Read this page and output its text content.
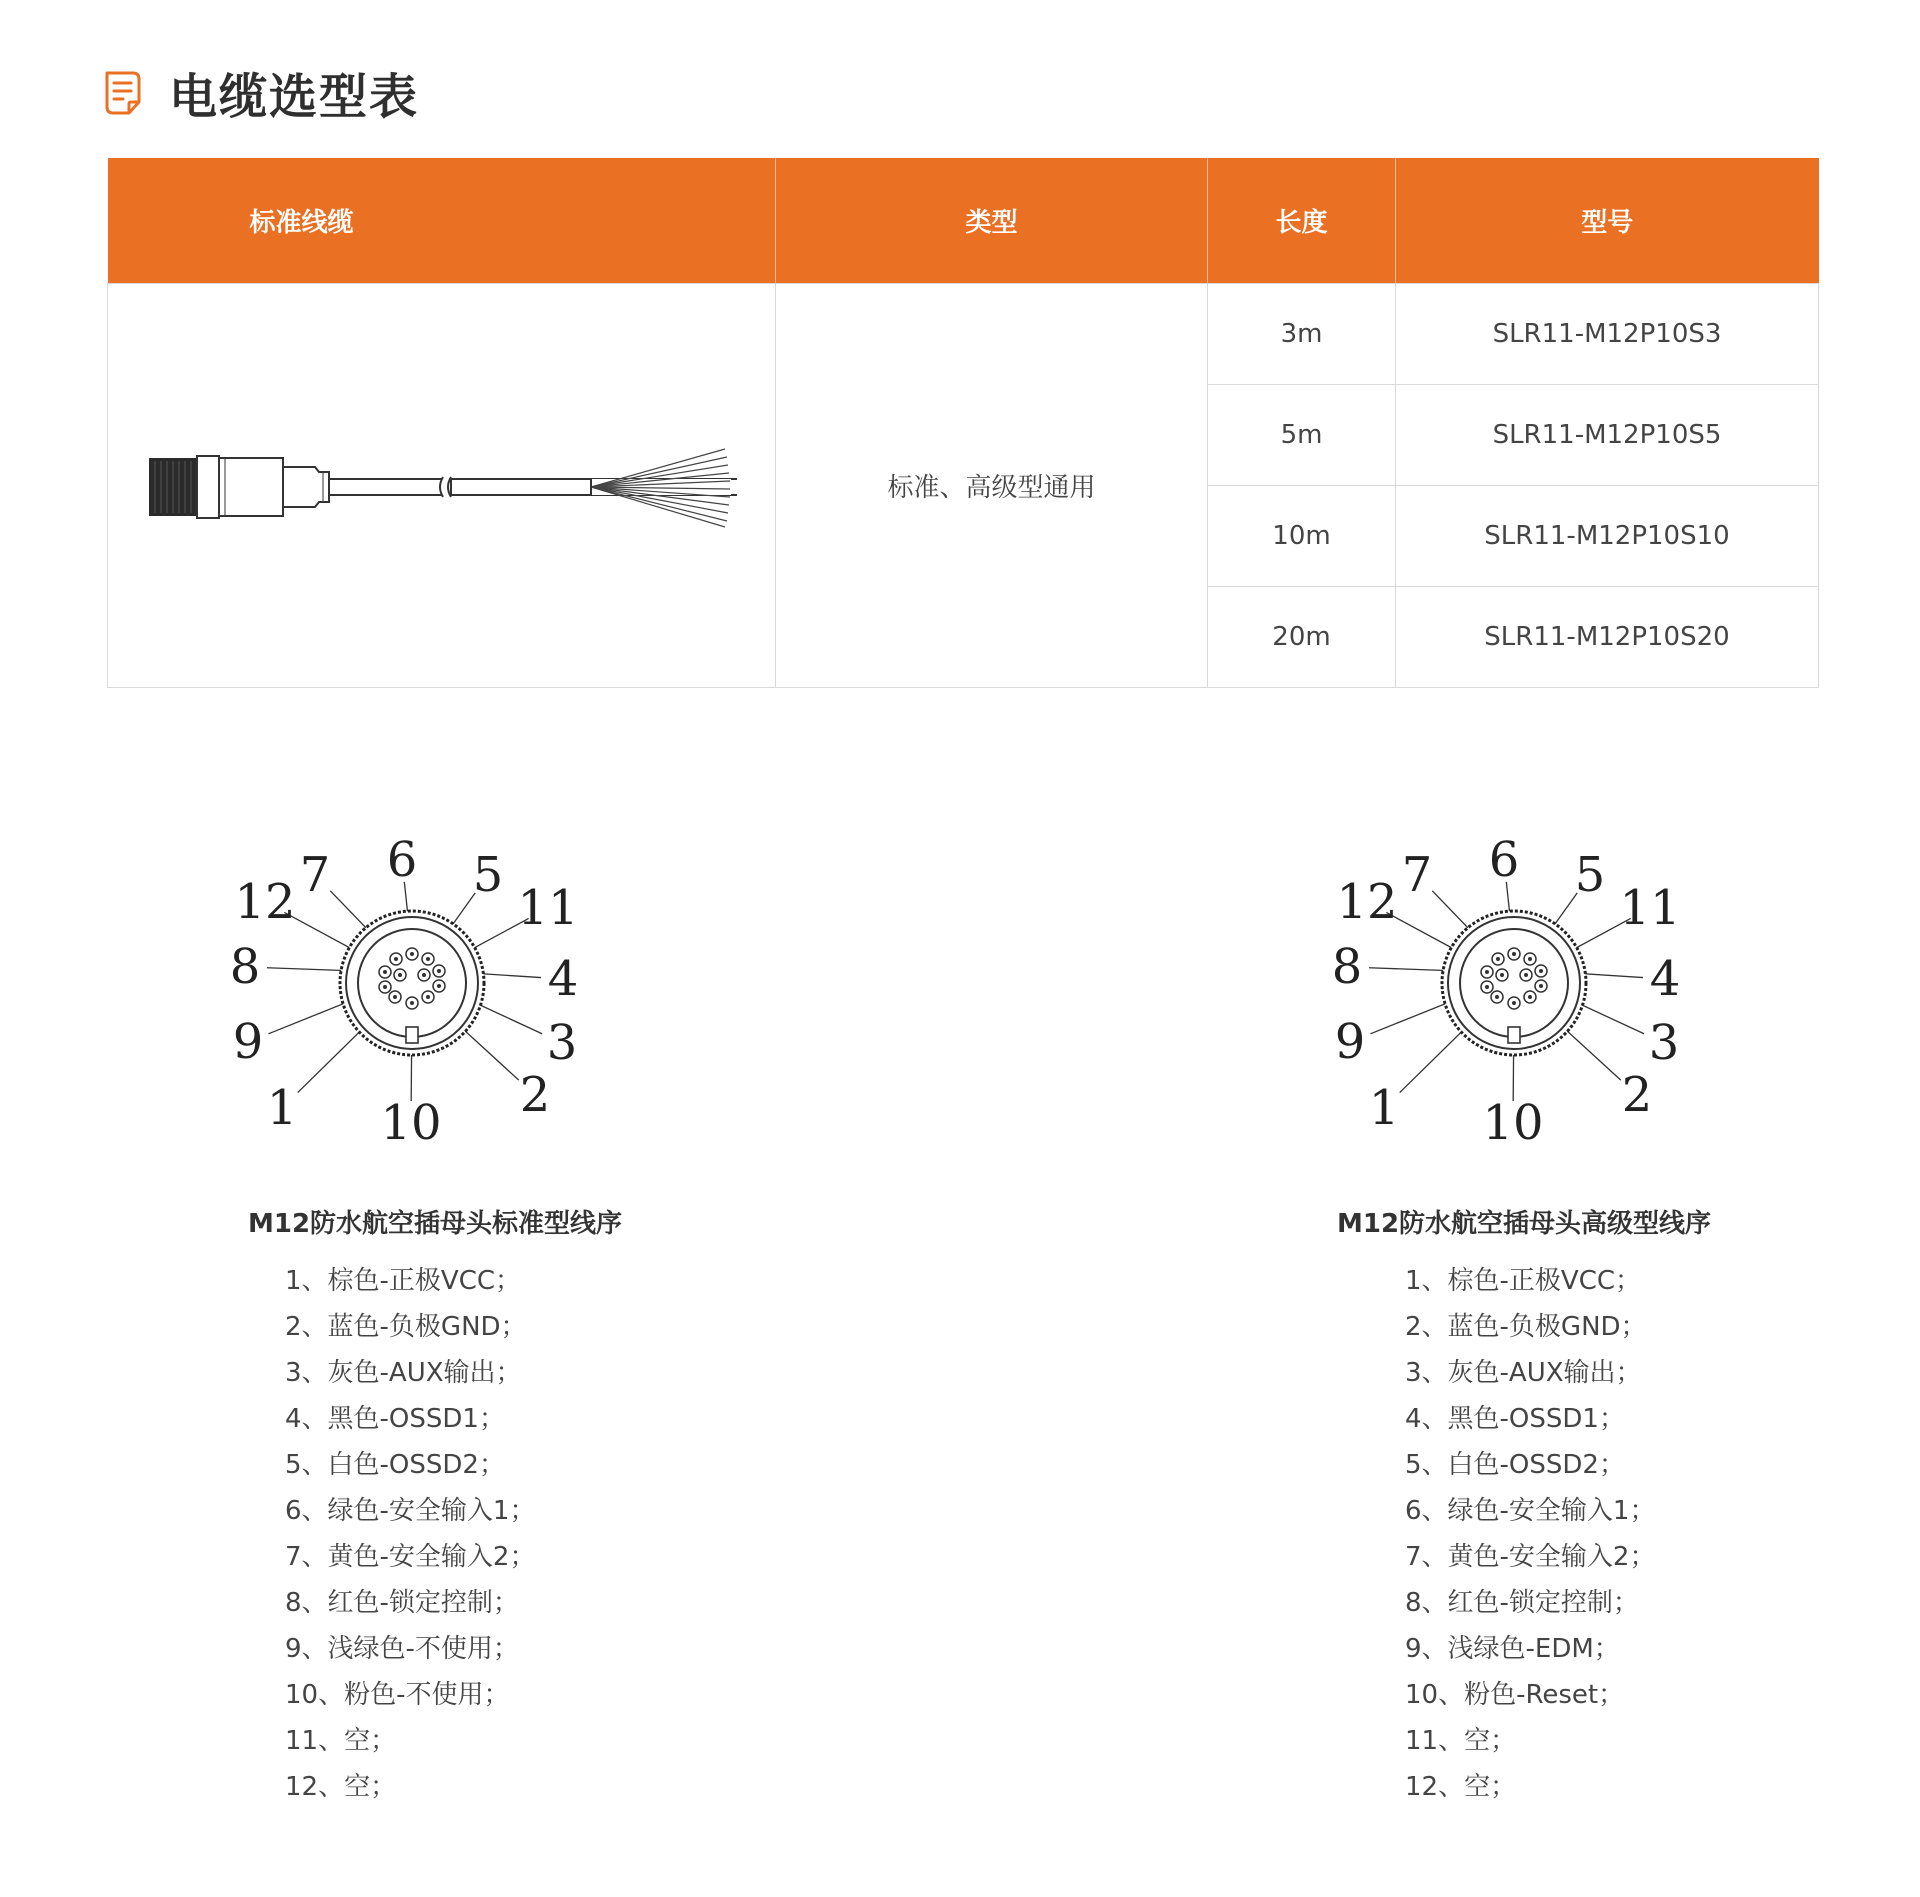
电缆选型表
标准线缆	类型	长度	型号

	标准、高级型通用	3m	SLR11-M12P10S3
		5m	SLR11-M12P10S5
		10m	SLR11-M12P10S10
		20m	SLR11-M12P10S20
1	2
3
4
5
6
7
8
9
10
11
12
1	2
3
4
5
6
7
8
9
10
11
12
M12防水航空插母头标准型线序
1、棕色-正极VCC；
2、蓝色-负极GND；
3、灰色-AUX输出；
4、黑色-OSSD1；
5、白色-OSSD2；
6、绿色-安全输入1；
7、黄色-安全输入2；
8、红色-锁定控制；
9、浅绿色-不使用；
10、粉色-不使用；
11、空；
12、空；
M12防水航空插母头高级型线序
1、棕色-正极VCC；
2、蓝色-负极GND；
3、灰色-AUX输出；
4、黑色-OSSD1；
5、白色-OSSD2；
6、绿色-安全输入1；
7、黄色-安全输入2；
8、红色-锁定控制；
9、浅绿色-EDM；
10、粉色-Reset；
11、空；
12、空；
